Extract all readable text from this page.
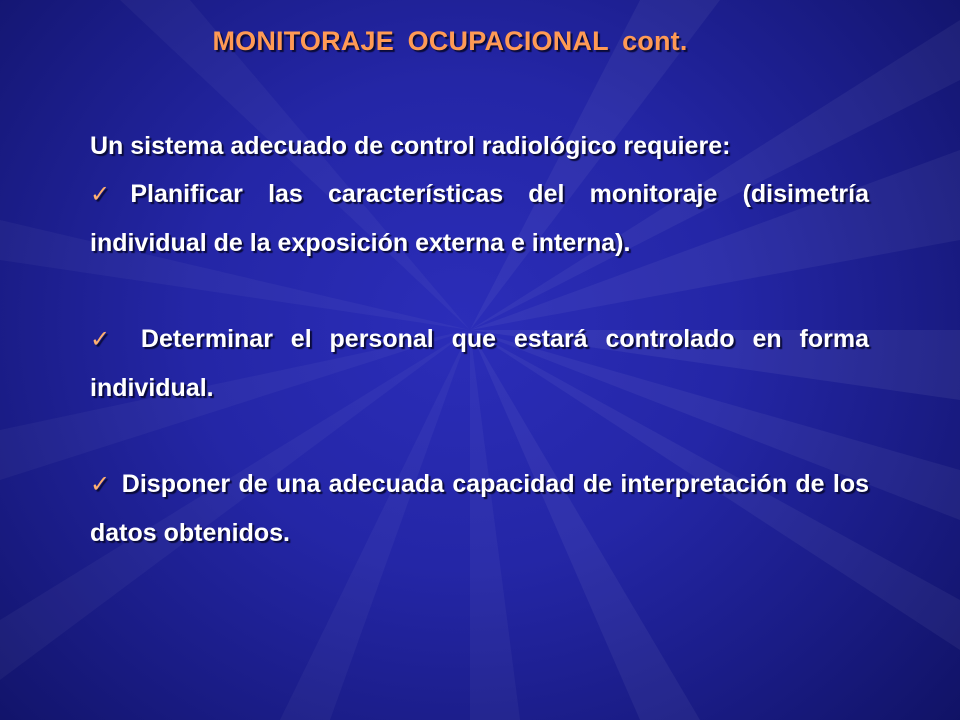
MONITORAJE OCUPACIONAL cont.

Un sistema adecuado de control radiológico requiere:

✓Planificar las características del monitoraje (disimetría individual de la exposición externa e interna).

✓ Determinar el personal que estará controlado en forma individual.

✓ Disponer de una adecuada capacidad de interpretación de los datos obtenidos.
